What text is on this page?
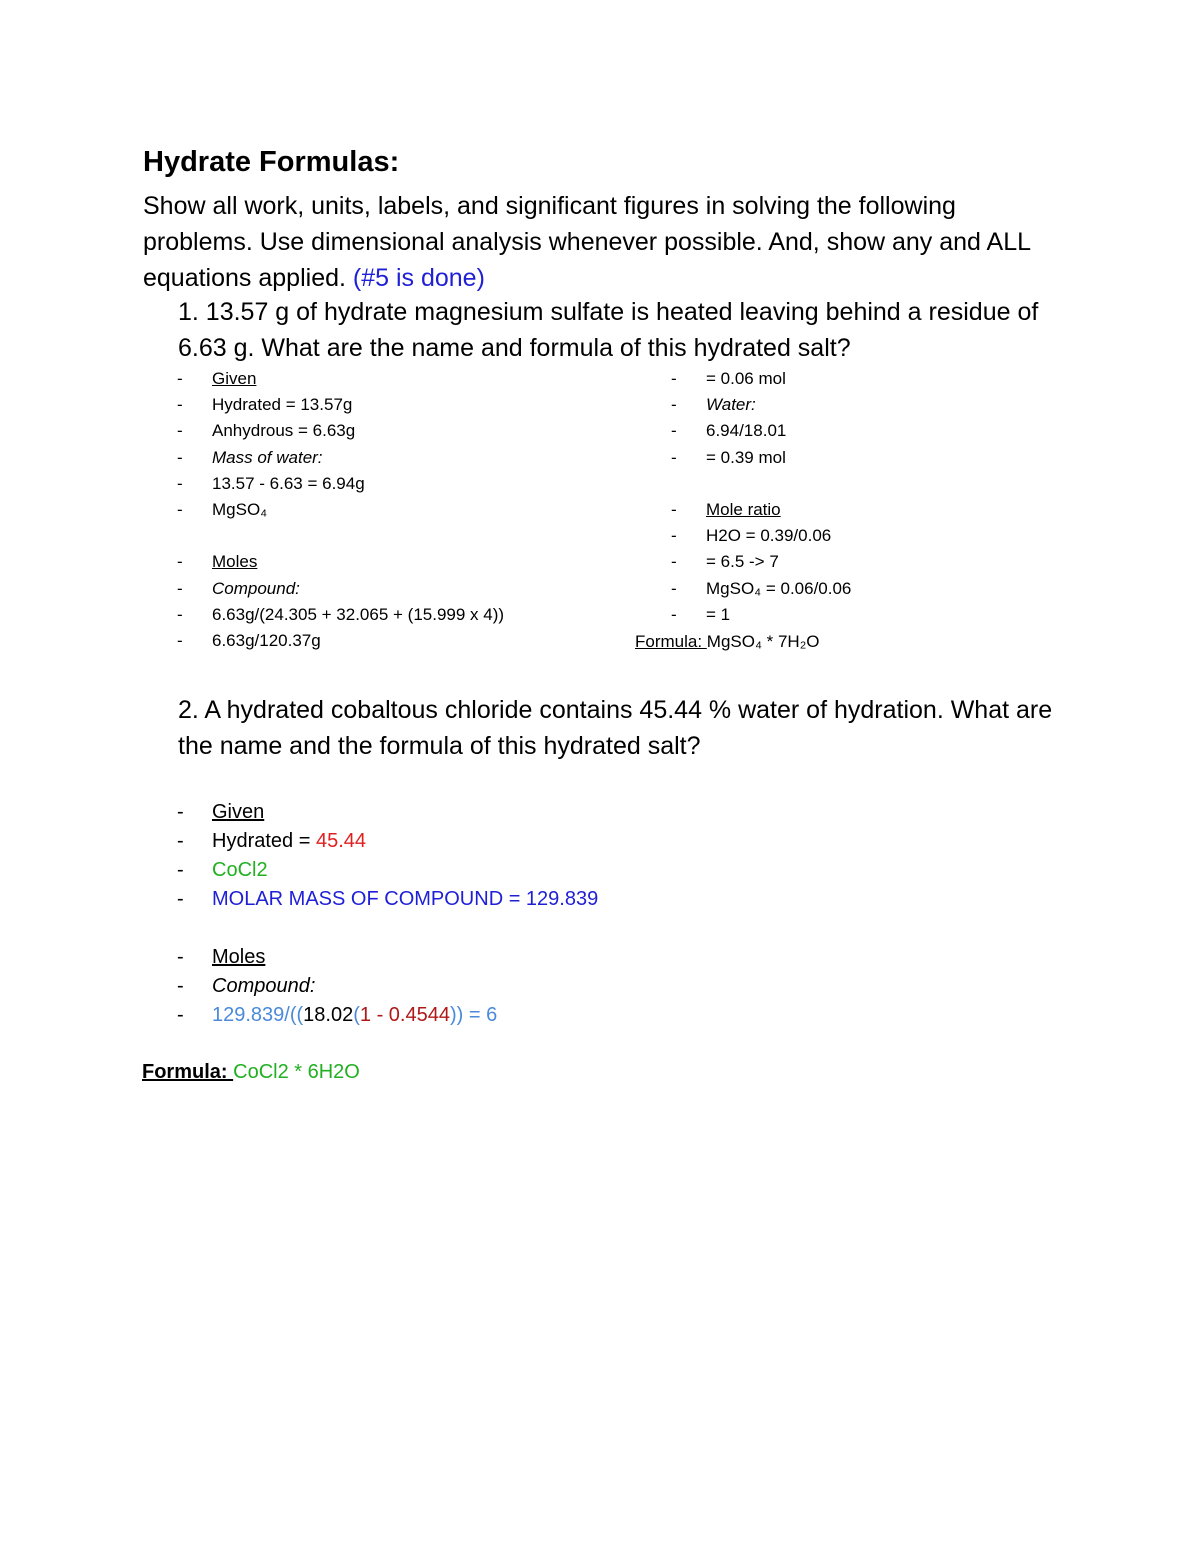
Hydrate Formulas:
Show all work, units, labels, and significant figures in solving the following problems. Use dimensional analysis whenever possible. And, show any and ALL equations applied. (#5 is done)
1. 13.57 g of hydrate magnesium sulfate is heated leaving behind a residue of 6.63 g. What are the name and formula of this hydrated salt?
- Given
- Hydrated = 13.57g
- Anhydrous = 6.63g
- Mass of water:
- 13.57 - 6.63 = 6.94g
- MgSO₄
- Moles
- Compound:
- 6.63g/(24.305 + 32.065 + (15.999 x 4))
- 6.63g/120.37g
- = 0.06 mol
- Water:
- 6.94/18.01
- = 0.39 mol
- Mole ratio
- H2O = 0.39/0.06
- = 6.5 -> 7
- MgSO₄ = 0.06/0.06
- = 1
Formula: MgSO₄ * 7H₂O
2. A hydrated cobaltous chloride contains 45.44 % water of hydration. What are the name and the formula of this hydrated salt?
- Given
- Hydrated = 45.44
- CoCl2
- MOLAR MASS OF COMPOUND = 129.839
- Moles
- Compound:
- 129.839/((18.02(1 - 0.4544)) = 6
Formula: CoCl2 * 6H2O
